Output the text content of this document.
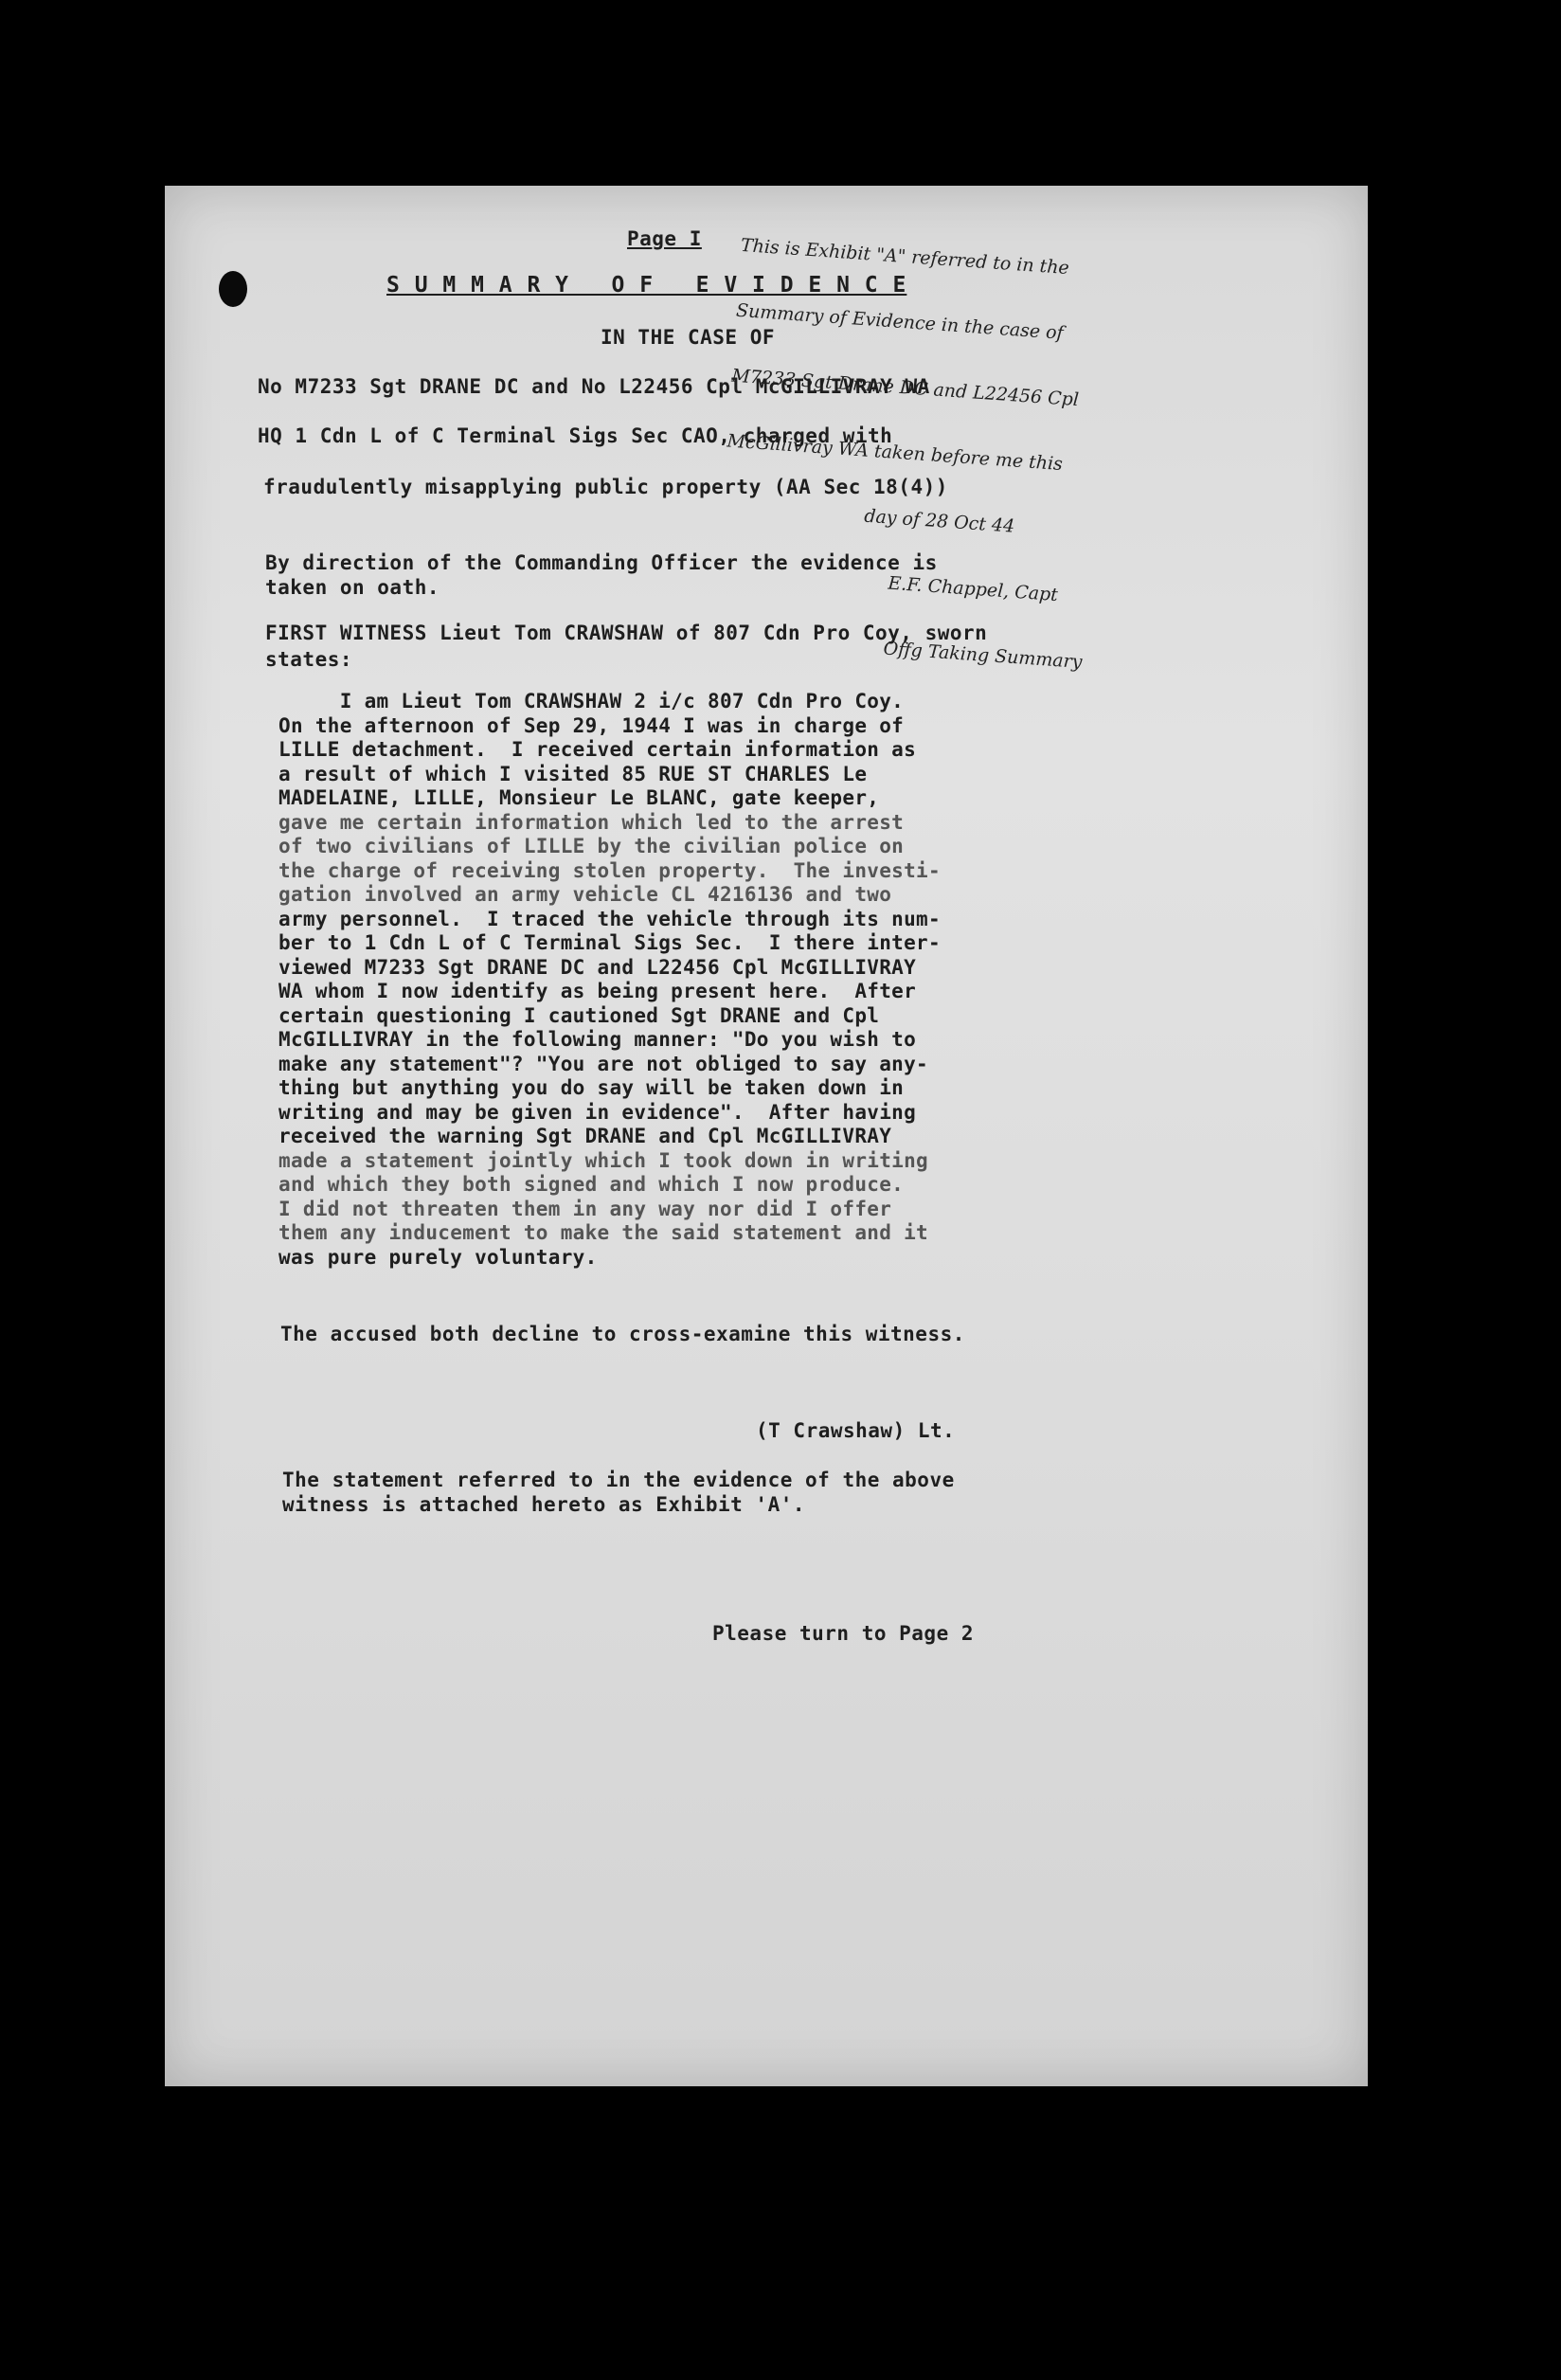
Page I

This is Exhibit "A" referred to in the

Summary of Evidence in the case of

M7233 Sgt Drane DC and L22456 Cpl

McGillivray WA taken before me this

day of 28 Oct 44

E.F. Chappel, Capt

Offg Taking Summary

S U M M A R Y   O F   E V I D E N C E
IN THE CASE OF
No M7233 Sgt DRANE DC and No L22456 Cpl McGILLIVRAY WA
HQ 1 Cdn L of C Terminal Sigs Sec CAO, charged with
fraudulently misapplying public property (AA Sec 18(4))
By direction of the Commanding Officer the evidence is
taken on oath.
FIRST WITNESS Lieut Tom CRAWSHAW of 807 Cdn Pro Coy, sworn
states:
I am Lieut Tom CRAWSHAW 2 i/c 807 Cdn Pro Coy.
On the afternoon of Sep 29, 1944 I was in charge of
LILLE detachment.  I received certain information as
a result of which I visited 85 RUE ST CHARLES Le
MADELAINE, LILLE, Monsieur Le BLANC, gate keeper,
gave me certain information which led to the arrest
of two civilians of LILLE by the civilian police on
the charge of receiving stolen property.  The investi-
gation involved an army vehicle CL 4216136 and two
army personnel.  I traced the vehicle through its num-
ber to 1 Cdn L of C Terminal Sigs Sec.  I there inter-
viewed M7233 Sgt DRANE DC and L22456 Cpl McGILLIVRAY
WA whom I now identify as being present here.  After
certain questioning I cautioned Sgt DRANE and Cpl
McGILLIVRAY in the following manner: "Do you wish to
make any statement"? "You are not obliged to say any-
thing but anything you do say will be taken down in
writing and may be given in evidence".  After having
received the warning Sgt DRANE and Cpl McGILLIVRAY
made a statement jointly which I took down in writing
and which they both signed and which I now produce.
I did not threaten them in any way nor did I offer
them any inducement to make the said statement and it
was pure purely voluntary.
The accused both decline to cross-examine this witness.
(T Crawshaw) Lt.
The statement referred to in the evidence of the above
witness is attached hereto as Exhibit 'A'.
Please turn to Page 2
